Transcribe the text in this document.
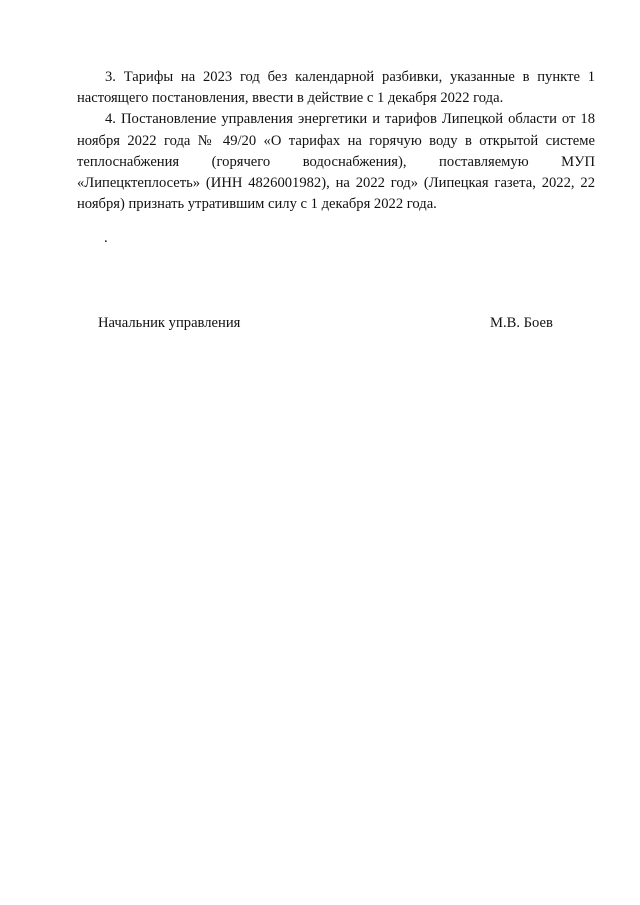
3. Тарифы на 2023 год без календарной разбивки, указанные в пункте 1 настоящего постановления, ввести в действие с 1 декабря 2022 года.

4. Постановление управления энергетики и тарифов Липецкой области от 18 ноября 2022 года № 49/20 «О тарифах на горячую воду в открытой системе теплоснабжения (горячего водоснабжения), поставляемую МУП «Липецктеплосеть» (ИНН 4826001982), на 2022 год» (Липецкая газета, 2022, 22 ноября) признать утратившим силу с 1 декабря 2022 года.

.
Начальник управления	М.В. Боев
